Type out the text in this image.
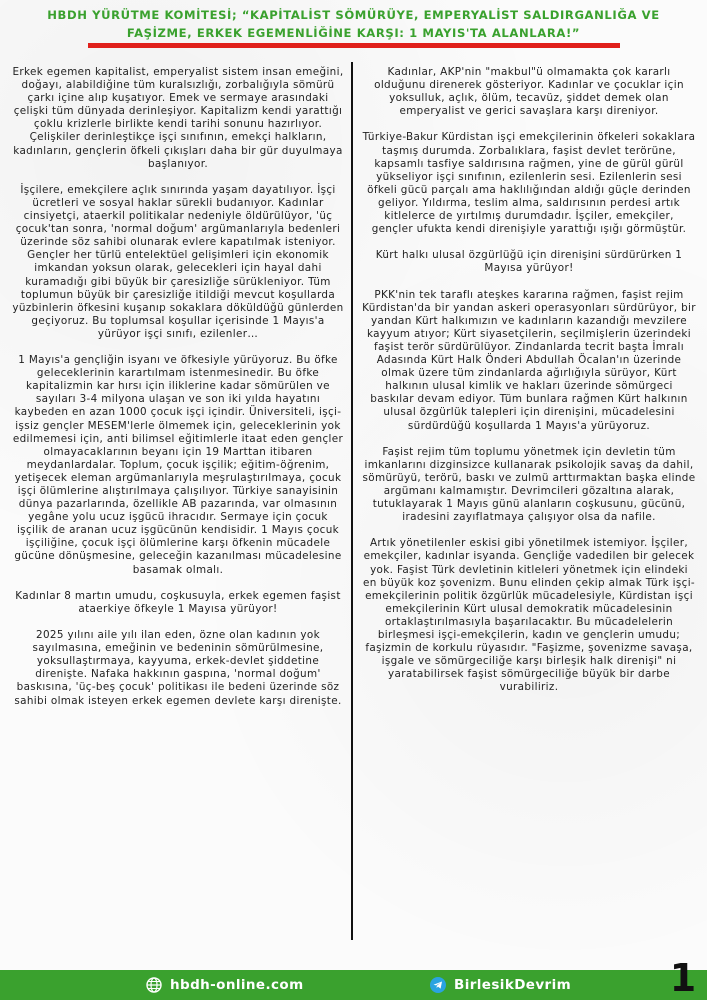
HBDH YÜRÜTME KOMİTESİ; “KAPİTALİST SÖMÜRÜYE, EMPERYALİST SALDIRGANLIĞA VE
FAŞİZME, ERKEK EGEMENLİĞİNE KARŞI: 1 MAYIS'TA ALANLARA!”

Erkek egemen kapitalist, emperyalist sistem insan emeğini, doğayı, alabildiğine tüm kuralsızlığı, zorbalığıyla sömürü çarkı içine alıp kuşatıyor. Emek ve sermaye arasındaki çelişki tüm dünyada derinleşiyor. Kapitalizm kendi yarattığı çoklu krizlerle birlikte kendi tarihi sonunu hazırlıyor. Çelişkiler derinleştikçe işçi sınıfının, emekçi halkların, kadınların, gençlerin öfkeli çıkışları daha bir gür duyulmaya başlanıyor.

İşçilere, emekçilere açlık sınırında yaşam dayatılıyor. İşçi ücretleri ve sosyal haklar sürekli budanıyor. Kadınlar cinsiyetçi, ataerkil politikalar nedeniyle öldürülüyor, 'üç çocuk'tan sonra, 'normal doğum' argümanlarıyla bedenleri üzerinde söz sahibi olunarak evlere kapatılmak isteniyor. Gençler her türlü entelektüel gelişimleri için ekonomik imkandan yoksun olarak, gelecekleri için hayal dahi kuramadığı gibi büyük bir çaresizliğe sürükleniyor. Tüm toplumun büyük bir çaresizliğe itildiği mevcut koşullarda yüzbinlerin öfkesini kuşanıp sokaklara döküldüğü günlerden geçiyoruz. Bu toplumsal koşullar içerisinde 1 Mayıs'a yürüyor işçi sınıfı, ezilenler…

1 Mayıs'a gençliğin isyanı ve öfkesiyle yürüyoruz. Bu öfke geleceklerinin karartılmam istenmesinedir. Bu öfke kapitalizmin kar hırsı için iliklerine kadar sömürülen ve sayıları 3-4 milyona ulaşan ve son iki yılda hayatını kaybeden en azan 1000 çocuk işçi içindir. Üniversiteli, işçi-işsiz gençler MESEM'lerle ölmemek için, geleceklerinin yok edilmemesi için, anti bilimsel eğitimlerle itaat eden gençler olmayacaklarının beyanı için 19 Marttan itibaren meydanlardalar. Toplum, çocuk işçilik; eğitim-öğrenim, yetişecek eleman argümanlarıyla meşrulaştırılmaya, çocuk işçi ölümlerine alıştırılmaya çalışılıyor. Türkiye sanayisinin dünya pazarlarında, özellikle AB pazarında, var olmasının yegâne yolu ucuz işgücü ihracıdır. Sermaye için çocuk işçilik de aranan ucuz işgücünün kendisidir. 1 Mayıs çocuk işçiliğine, çocuk işçi ölümlerine karşı öfkenin mücadele gücüne dönüşmesine, geleceğin kazanılması mücadelesine basamak olmalı.

Kadınlar 8 martın umudu, coşkusuyla, erkek egemen faşist ataerkiye öfkeyle 1 Mayısa yürüyor!

2025 yılını aile yılı ilan eden, özne olan kadının yok sayılmasına, emeğinin ve bedeninin sömürülmesine, yoksullaştırmaya, kayyuma, erkek-devlet şiddetine direnişte. Nafaka hakkının gaspına, 'normal doğum' baskısına, 'üç-beş çocuk' politikası ile bedeni üzerinde söz sahibi olmak isteyen erkek egemen devlete karşı direnişte.

Kadınlar, AKP'nin "makbul"ü olmamakta çok kararlı olduğunu direnerek gösteriyor. Kadınlar ve çocuklar için yoksulluk, açlık, ölüm, tecavüz, şiddet demek olan emperyalist ve gerici savaşlara karşı direniyor.

Türkiye-Bakur Kürdistan işçi emekçilerinin öfkeleri sokaklara taşmış durumda. Zorbalıklara, faşist devlet terörüne, kapsamlı tasfiye saldırısına rağmen, yine de gürül gürül yükseliyor işçi sınıfının, ezilenlerin sesi. Ezilenlerin sesi öfkeli gücü parçalı ama haklılığından aldığı güçle derinden geliyor. Yıldırma, teslim alma, saldırısının perdesi artık kitlelerce de yırtılmış durumdadır. İşçiler, emekçiler, gençler ufukta kendi direnişiyle yarattığı ışığı görmüştür.

Kürt halkı ulusal özgürlüğü için direnişini sürdürürken 1 Mayısa yürüyor!

PKK'nin tek taraflı ateşkes kararına rağmen, faşist rejim Kürdistan'da bir yandan askeri operasyonları sürdürüyor, bir yandan Kürt halkımızın ve kadınların kazandığı mevzilere kayyum atıyor; Kürt siyasetçilerin, seçilmişlerin üzerindeki faşist terör sürdürülüyor. Zindanlarda tecrit başta İmralı Adasında Kürt Halk Önderi Abdullah Öcalan'ın üzerinde olmak üzere tüm zindanlarda ağırlığıyla sürüyor, Kürt halkının ulusal kimlik ve hakları üzerinde sömürgeci baskılar devam ediyor. Tüm bunlara rağmen Kürt halkının ulusal özgürlük talepleri için direnişini, mücadelesini sürdürdüğü koşullarda 1 Mayıs'a yürüyoruz.

Faşist rejim tüm toplumu yönetmek için devletin tüm imkanlarını dizginsizce kullanarak psikolojik savaş da dahil, sömürüyü, terörü, baskı ve zulmü arttırmaktan başka elinde argümanı kalmamıştır. Devrimcileri gözaltına alarak, tutuklayarak 1 Mayıs günü alanların coşkusunu, gücünü, iradesini zayıflatmaya çalışıyor olsa da nafile.

Artık yönetilenler eskisi gibi yönetilmek istemiyor. İşçiler, emekçiler, kadınlar isyanda. Gençliğe vadedilen bir gelecek yok. Faşist Türk devletinin kitleleri yönetmek için elindeki en büyük koz şovenizm. Bunu elinden çekip almak Türk işçi-emekçilerinin politik özgürlük mücadelesiyle, Kürdistan işçi emekçilerinin Kürt ulusal demokratik mücadelesinin ortaklaştırılmasıyla başarılacaktır. Bu mücadelelerin birleşmesi işçi-emekçilerin, kadın ve gençlerin umudu; faşizmin de korkulu rüyasıdır. "Faşizme, şovenizme savaşa, işgale ve sömürgeciliğe karşı birleşik halk direnişi" ni yaratabilirsek faşist sömürgeciliğe büyük bir darbe vurabiliriz.

hbdh-online.com	BirlesikDevrim	1
